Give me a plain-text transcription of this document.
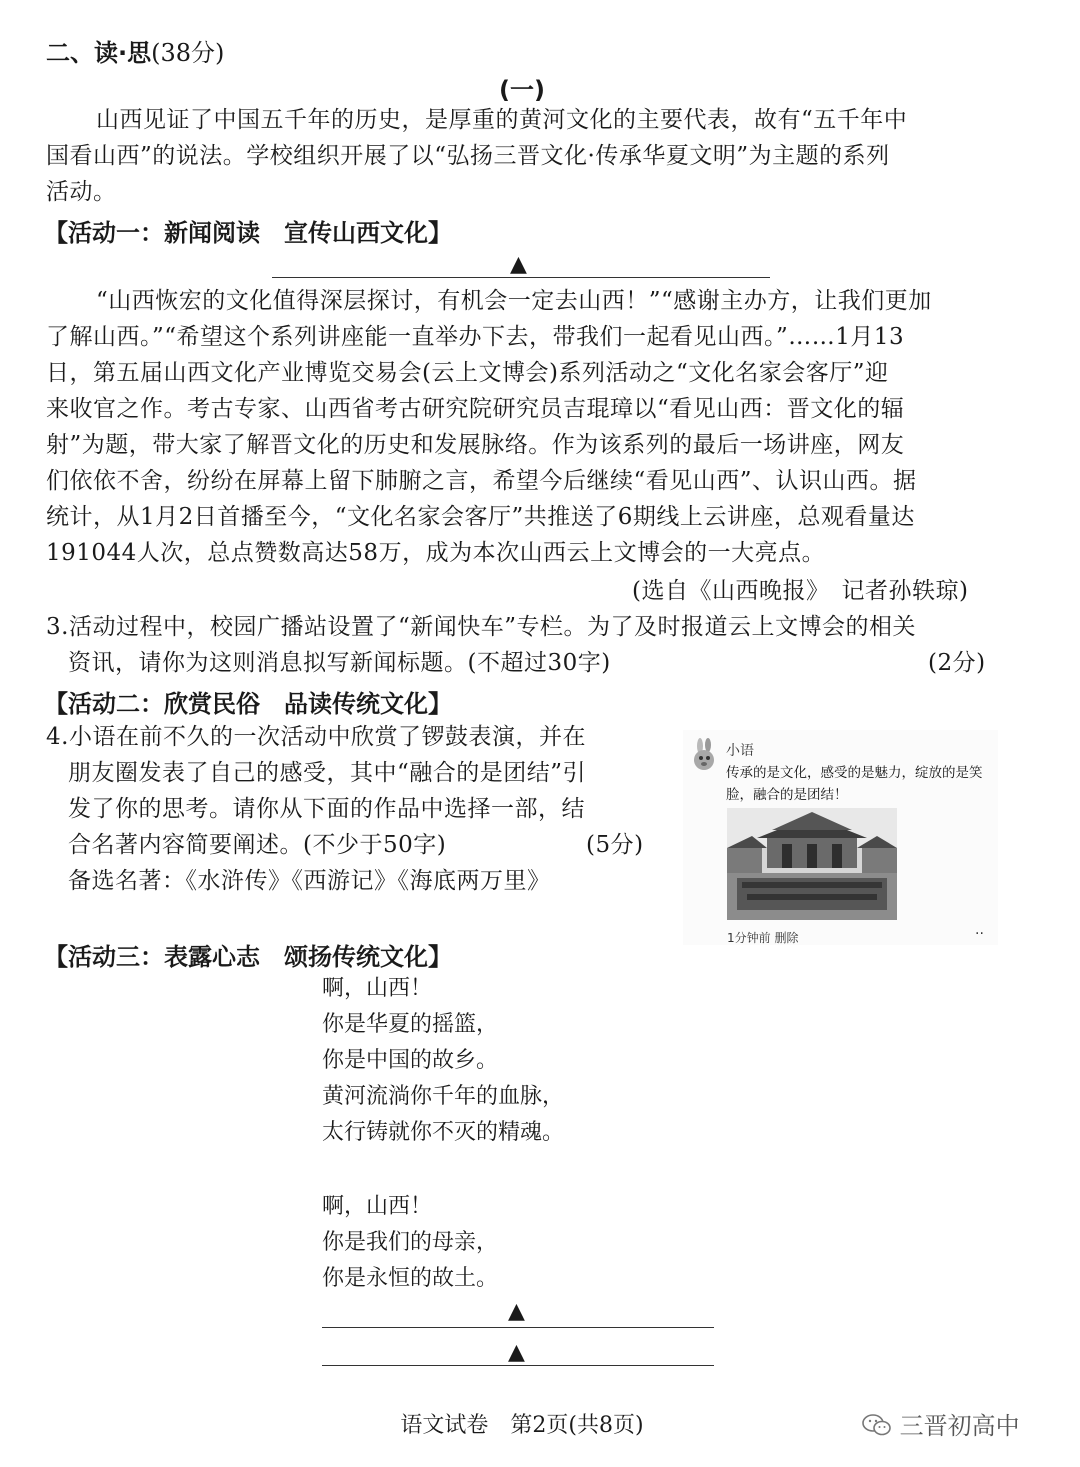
二、读·思(38分)
(一)
山西见证了中国五千年的历史，是厚重的黄河文化的主要代表，故有“五千年中
国看山西”的说法。学校组织开展了以“弘扬三晋文化·传承华夏文明”为主题的系列
活动。
【活动一：新闻阅读　宣传山西文化】
▲
“山西恢宏的文化值得深层探讨，有机会一定去山西！”“感谢主办方，让我们更加
了解山西。”“希望这个系列讲座能一直举办下去，带我们一起看见山西。”……1月13
日，第五届山西文化产业博览交易会(云上文博会)系列活动之“文化名家会客厅”迎
来收官之作。考古专家、山西省考古研究院研究员吉琨璋以“看见山西：晋文化的辐
射”为题，带大家了解晋文化的历史和发展脉络。作为该系列的最后一场讲座，网友
们依依不舍，纷纷在屏幕上留下肺腑之言，希望今后继续“看见山西”、认识山西。据
统计，从1月2日首播至今，“文化名家会客厅”共推送了6期线上云讲座，总观看量达
191044人次，总点赞数高达58万，成为本次山西云上文博会的一大亮点。
(选自《山西晚报》　记者孙轶琼)
3.活动过程中，校园广播站设置了“新闻快车”专栏。为了及时报道云上文博会的相关
资讯，请你为这则消息拟写新闻标题。(不超过30字)	(2分)
【活动二：欣赏民俗　品读传统文化】
4.小语在前不久的一次活动中欣赏了锣鼓表演，并在
朋友圈发表了自己的感受，其中“融合的是团结”引
发了你的思考。请你从下面的作品中选择一部，结
合名著内容简要阐述。(不少于50字)	(5分)
备选名著：《水浒传》《西游记》《海底两万里》
小语
传承的是文化，感受的是魅力，绽放的是笑脸，融合的是团结！
1分钟前 删除	··
【活动三：表露心志　颂扬传统文化】
啊，山西！
你是华夏的摇篮，
你是中国的故乡。
黄河流淌你千年的血脉，
太行铸就你不灭的精魂。
啊，山西！
你是我们的母亲，
你是永恒的故土。
▲
▲
语文试卷　第2页(共8页)	三晋初高中
